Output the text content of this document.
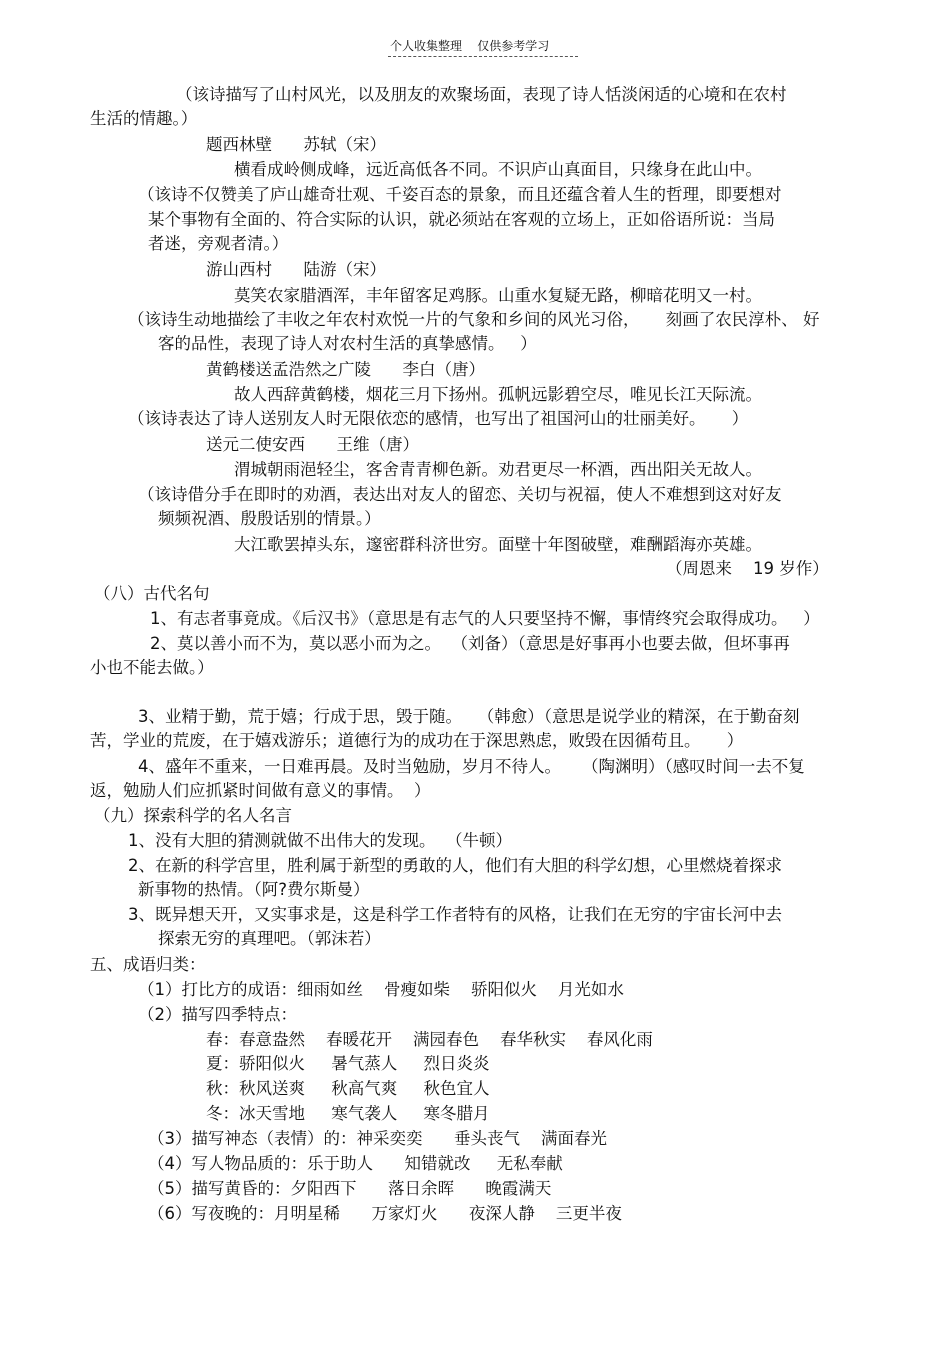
个人收集整理    仅供参考学习
（该诗描写了山村风光，以及朋友的欢聚场面，表现了诗人恬淡闲适的心境和在农村
生活的情趣。）
题西林壁      苏轼（宋）
横看成岭侧成峰，远近高低各不同。不识庐山真面目，只缘身在此山中。
（该诗不仅赞美了庐山雄奇壮观、千姿百态的景象，而且还蕴含着人生的哲理，即要想对
某个事物有全面的、符合实际的认识，就必须站在客观的立场上，正如俗语所说：当局
者迷，旁观者清。）
游山西村      陆游（宋）
莫笑农家腊酒浑，丰年留客足鸡豚。山重水复疑无路，柳暗花明又一村。
（该诗生动地描绘了丰收之年农村欢悦一片的气象和乡间的风光习俗，     刻画了农民淳朴、 好
客的品性，表现了诗人对农村生活的真挚感情。   ）
黄鹤楼送孟浩然之广陵      李白（唐）
故人西辞黄鹤楼，烟花三月下扬州。孤帆远影碧空尽，唯见长江天际流。
（该诗表达了诗人送别友人时无限依恋的感情，也写出了祖国河山的壮丽美好。     ）
送元二使安西      王维（唐）
渭城朝雨浥轻尘，客舍青青柳色新。劝君更尽一杯酒，西出阳关无故人。
（该诗借分手在即时的劝酒，表达出对友人的留恋、关切与祝福，使人不难想到这对好友
频频祝酒、殷殷话别的情景。）
大江歌罢掉头东，邃密群科济世穷。面壁十年图破壁，难酬蹈海亦英雄。
（周恩来    19 岁作）
（八）古代名句
1、有志者事竟成。《后汉书》（意思是有志气的人只要坚持不懈，事情终究会取得成功。   ）
2、莫以善小而不为，莫以恶小而为之。  （刘备）（意思是好事再小也要去做，但坏事再
小也不能去做。）
3、业精于勤，荒于嬉；行成于思，毁于随。   （韩愈）（意思是说学业的精深，在于勤奋刻
苦，学业的荒废，在于嬉戏游乐；道德行为的成功在于深思熟虑，败毁在因循苟且。     ）
4、盛年不重来，一日难再晨。及时当勉励，岁月不待人。    （陶渊明）（感叹时间一去不复
返，勉励人们应抓紧时间做有意义的事情。  ）
（九）探索科学的名人名言
1、没有大胆的猜测就做不出伟大的发现。  （牛顿）
2、在新的科学宫里，胜利属于新型的勇敢的人，他们有大胆的科学幻想，心里燃烧着探求
新事物的热情。（阿?费尔斯曼）
3、既异想天开，又实事求是，这是科学工作者特有的风格，让我们在无穷的宇宙长河中去
探索无穷的真理吧。（郭沫若）
五、成语归类：
（1）打比方的成语：细雨如丝    骨瘦如柴    骄阳似火    月光如水
（2）描写四季特点：
春：春意盎然    春暖花开    满园春色    春华秋实    春风化雨
夏：骄阳似火     暑气蒸人     烈日炎炎
秋：秋风送爽     秋高气爽     秋色宜人
冬：冰天雪地     寒气袭人     寒冬腊月
（3）描写神态（表情）的：神采奕奕      垂头丧气    满面春光
（4）写人物品质的：乐于助人      知错就改     无私奉献
（5）描写黄昏的：夕阳西下      落日余晖      晚霞满天
（6）写夜晚的：月明星稀      万家灯火      夜深人静    三更半夜
